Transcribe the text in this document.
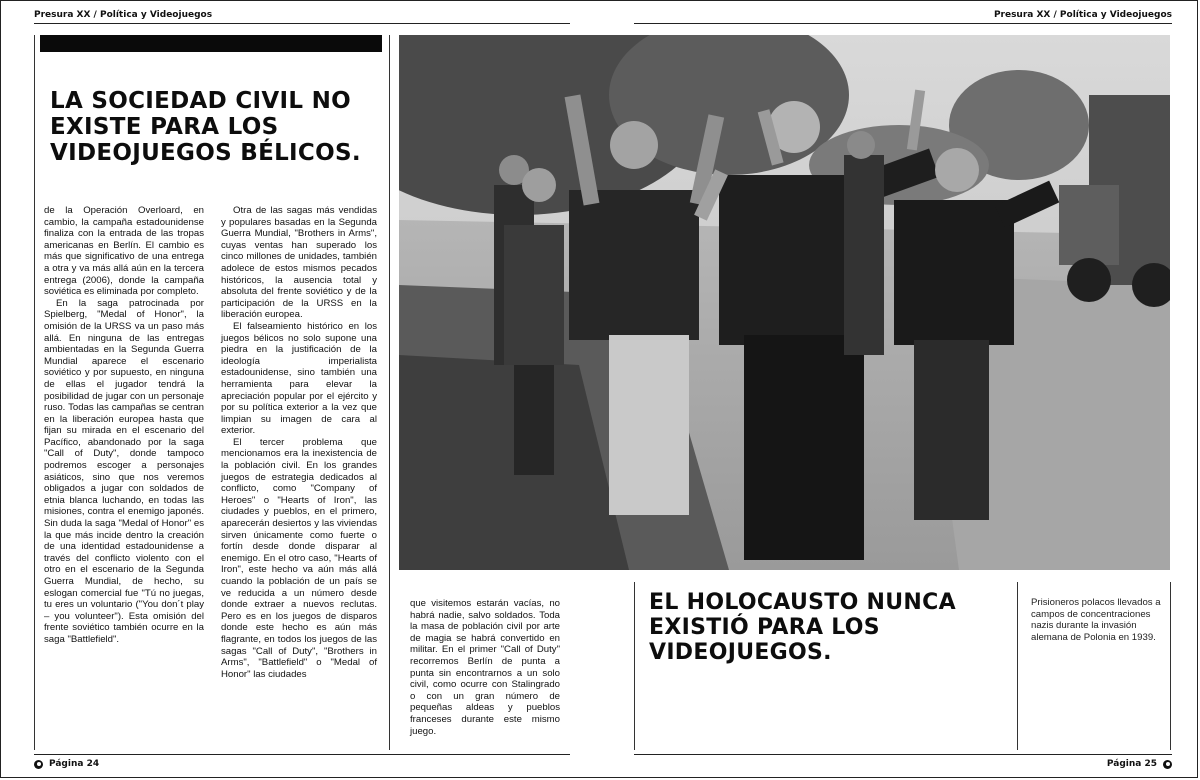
Presura XX / Política y Videojuegos	Presura XX / Política y Videojuegos
LA SOCIEDAD CIVIL NO EXISTE PARA LOS VIDEOJUEGOS BÉLICOS.

de la Operación Overloard, en cambio, la campaña estadounidense finaliza con la entrada de las tropas americanas en Berlín. El cambio es más que significativo de una entrega a otra y va más allá aún en la tercera entrega (2006), donde la campaña soviética es eliminada por completo.

En la saga patrocinada por Spielberg, "Medal of Honor", la omisión de la URSS va un paso más allá. En ninguna de las entregas ambientadas en la Segunda Guerra Mundial aparece el escenario soviético y por supuesto, en ninguna de ellas el jugador tendrá la posibilidad de jugar con un personaje ruso. Todas las campañas se centran en la liberación europea hasta que fijan su mirada en el escenario del Pacífico, abandonado por la saga "Call of Duty", donde tampoco podremos escoger a personajes asiáticos, sino que nos veremos obligados a jugar con soldados de etnia blanca luchando, en todas las misiones, contra el enemigo japonés. Sin duda la saga "Medal of Honor" es la que más incide dentro la creación de una identidad estadounidense a través del conflicto violento con el otro en el escenario de la Segunda Guerra Mundial, de hecho, su eslogan comercial fue "Tú no juegas, tu eres un voluntario ("You don´t play – you volunteer"). Esta omisión del frente soviético también ocurre en la saga "Battlefield".

Otra de las sagas más vendidas y populares basadas en la Segunda Guerra Mundial, "Brothers in Arms", cuyas ventas han superado los cinco millones de unidades, también adolece de estos mismos pecados históricos, la ausencia total y absoluta del frente soviético y de la participación de la URSS en la liberación europea.

El falseamiento histórico en los juegos bélicos no solo supone una piedra en la justificación de la ideología imperialista estadounidense, sino también una herramienta para elevar la apreciación popular por el ejército y por su política exterior a la vez que limpian su imagen de cara al exterior.

El tercer problema que mencionamos era la inexistencia de la población civil. En los grandes juegos de estrategia dedicados al conflicto, como "Company of Heroes" o "Hearts of Iron", las ciudades y pueblos, en el primero, aparecerán desiertos y las viviendas sirven únicamente como fuerte o fortín desde donde disparar al enemigo. En el otro caso, "Hearts of Iron", este hecho va aún más allá cuando la población de un país se ve reducida a un número desde donde extraer a nuevos reclutas. Pero es en los juegos de disparos donde este hecho es aún más flagrante, en todos los juegos de las sagas "Call of Duty", "Brothers in Arms", "Battlefield" o "Medal of Honor" las ciudades

que visitemos estarán vacías, no habrá nadie, salvo soldados. Toda la masa de población civil por arte de magia se habrá convertido en militar. En el primer "Call of Duty" recorremos Berlín de punta a punta sin encontrarnos a un solo civil, como ocurre con Stalingrado o con un gran número de pequeñas aldeas y pueblos franceses durante este mismo juego.

EL HOLOCAUSTO NUNCA EXISTIÓ PARA LOS VIDEOJUEGOS.
Prisioneros polacos llevados a campos de concentraciones nazis durante la invasión alemana de Polonia en 1939.
Página 24	Página 25
